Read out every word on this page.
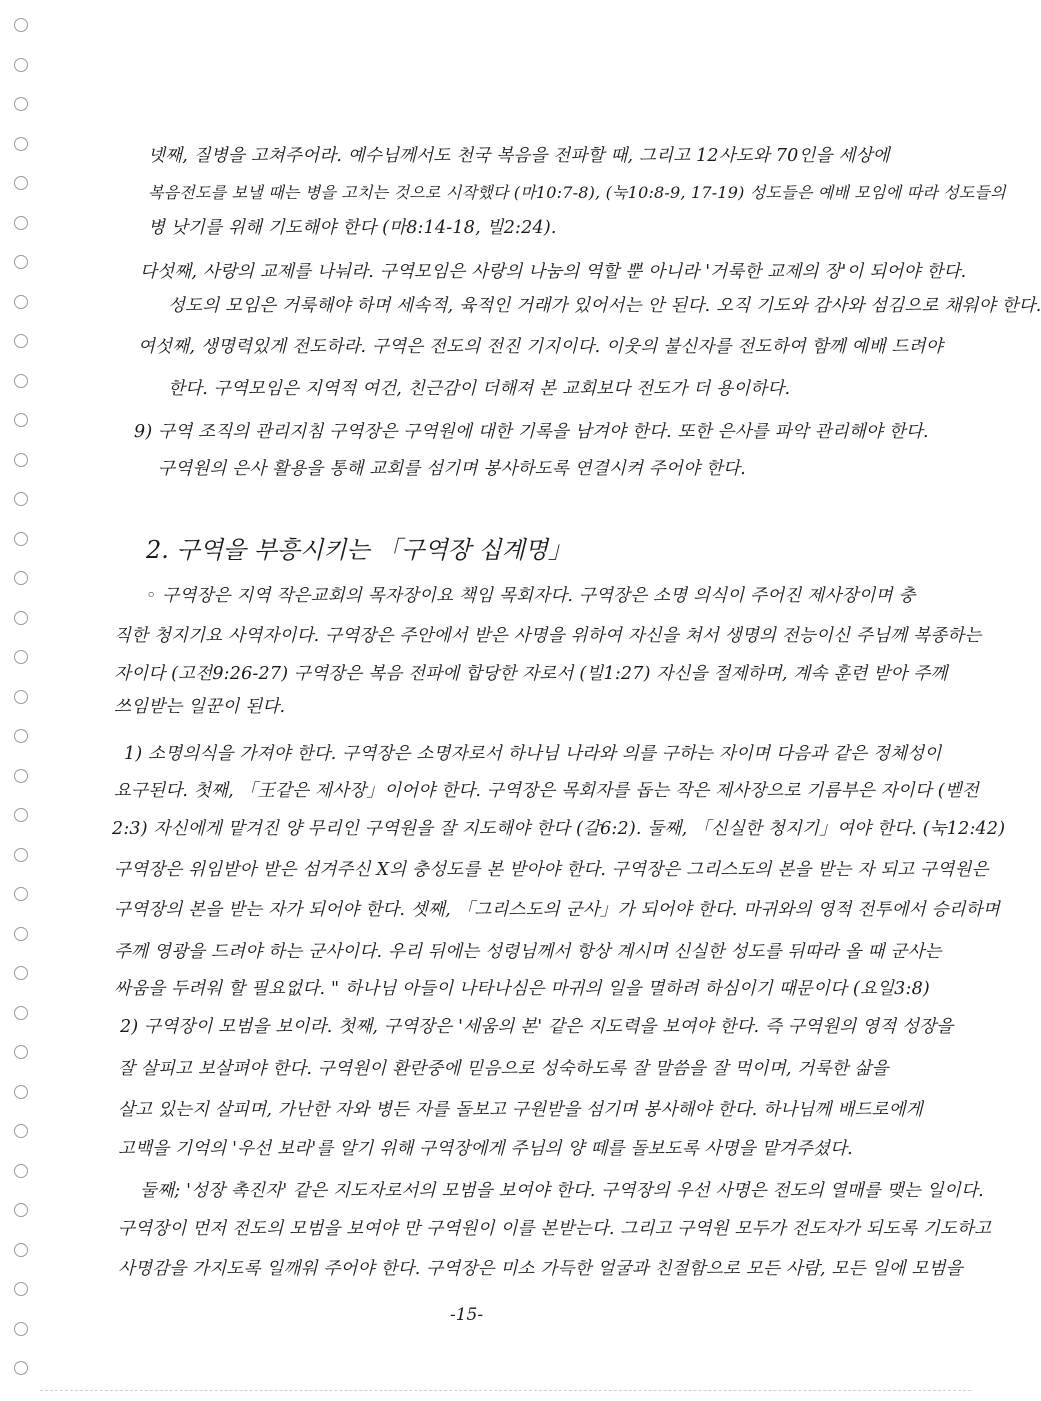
넷째, 질병을 고쳐주어라. 예수님께서도 천국 복음을 전파할 때, 그리고 12사도와 70인을 세상에
복음전도를 보낼 때는 병을 고치는 것으로 시작했다 (마10:7-8), (눅10:8-9, 17-19) 성도들은 예배 모임에 따라 성도들의
병 낫기를 위해 기도해야 한다 (마8:14-18, 빌2:24).
다섯째, 사랑의 교제를 나눠라. 구역모임은 사랑의 나눔의 역할 뿐 아니라 '거룩한 교제의 장'이 되어야 한다.
성도의 모임은 거룩해야 하며 세속적, 육적인 거래가 있어서는 안 된다. 오직 기도와 감사와 섬김으로 채워야 한다.
여섯째, 생명력있게 전도하라. 구역은 전도의 전진 기지이다. 이웃의 불신자를 전도하여 함께 예배 드려야
한다. 구역모임은 지역적 여건, 친근감이 더해져 본 교회보다 전도가 더 용이하다.
9) 구역 조직의 관리지침 구역장은 구역원에 대한 기록을 남겨야 한다. 또한 은사를 파악 관리해야 한다.
구역원의 은사 활용을 통해 교회를 섬기며 봉사하도록 연결시켜 주어야 한다.
2. 구역을 부흥시키는 「구역장 십계명」
◦ 구역장은 지역 작은교회의 목자장이요 책임 목회자다. 구역장은 소명 의식이 주어진 제사장이며 충
직한 청지기요 사역자이다. 구역장은 주안에서 받은 사명을 위하여 자신을 쳐서 생명의 전능이신 주님께 복종하는
자이다 (고전9:26-27) 구역장은 복음 전파에 합당한 자로서 (빌1:27) 자신을 절제하며, 계속 훈련 받아 주께
쓰임받는 일꾼이 된다.
1) 소명의식을 가져야 한다. 구역장은 소명자로서 하나님 나라와 의를 구하는 자이며 다음과 같은 정체성이
요구된다. 첫째, 「王같은 제사장」이어야 한다. 구역장은 목회자를 돕는 작은 제사장으로 기름부은 자이다 (벧전
2:3) 자신에게 맡겨진 양 무리인 구역원을 잘 지도해야 한다 (갈6:2). 둘째, 「신실한 청지기」여야 한다. (눅12:42)
구역장은 위임받아 받은 섬겨주신 X의 충성도를 본 받아야 한다. 구역장은 그리스도의 본을 받는 자 되고 구역원은
구역장의 본을 받는 자가 되어야 한다. 셋째, 「그리스도의 군사」가 되어야 한다. 마귀와의 영적 전투에서 승리하며
주께 영광을 드려야 하는 군사이다. 우리 뒤에는 성령님께서 항상 계시며 신실한 성도를 뒤따라 올 때 군사는
싸움을 두려워 할 필요없다. " 하나님 아들이 나타나심은 마귀의 일을 멸하려 하심이기 때문이다 (요일3:8)
2) 구역장이 모범을 보이라. 첫째, 구역장은 '세움의 본' 같은 지도력을 보여야 한다. 즉 구역원의 영적 성장을
잘 살피고 보살펴야 한다. 구역원이 환란중에 믿음으로 성숙하도록 잘 말씀을 잘 먹이며, 거룩한 삶을
살고 있는지 살피며, 가난한 자와 병든 자를 돌보고 구원받을 섬기며 봉사해야 한다. 하나님께 배드로에게
고백을 기억의 '우선 보라'를 알기 위해 구역장에게 주님의 양 떼를 돌보도록 사명을 맡겨주셨다.
둘째; '성장 촉진자' 같은 지도자로서의 모범을 보여야 한다. 구역장의 우선 사명은 전도의 열매를 맺는 일이다.
구역장이 먼저 전도의 모범을 보여야 만 구역원이 이를 본받는다. 그리고 구역원 모두가 전도자가 되도록 기도하고
사명감을 가지도록 일깨워 주어야 한다. 구역장은 미소 가득한 얼굴과 친절함으로 모든 사람, 모든 일에 모범을
-15-
